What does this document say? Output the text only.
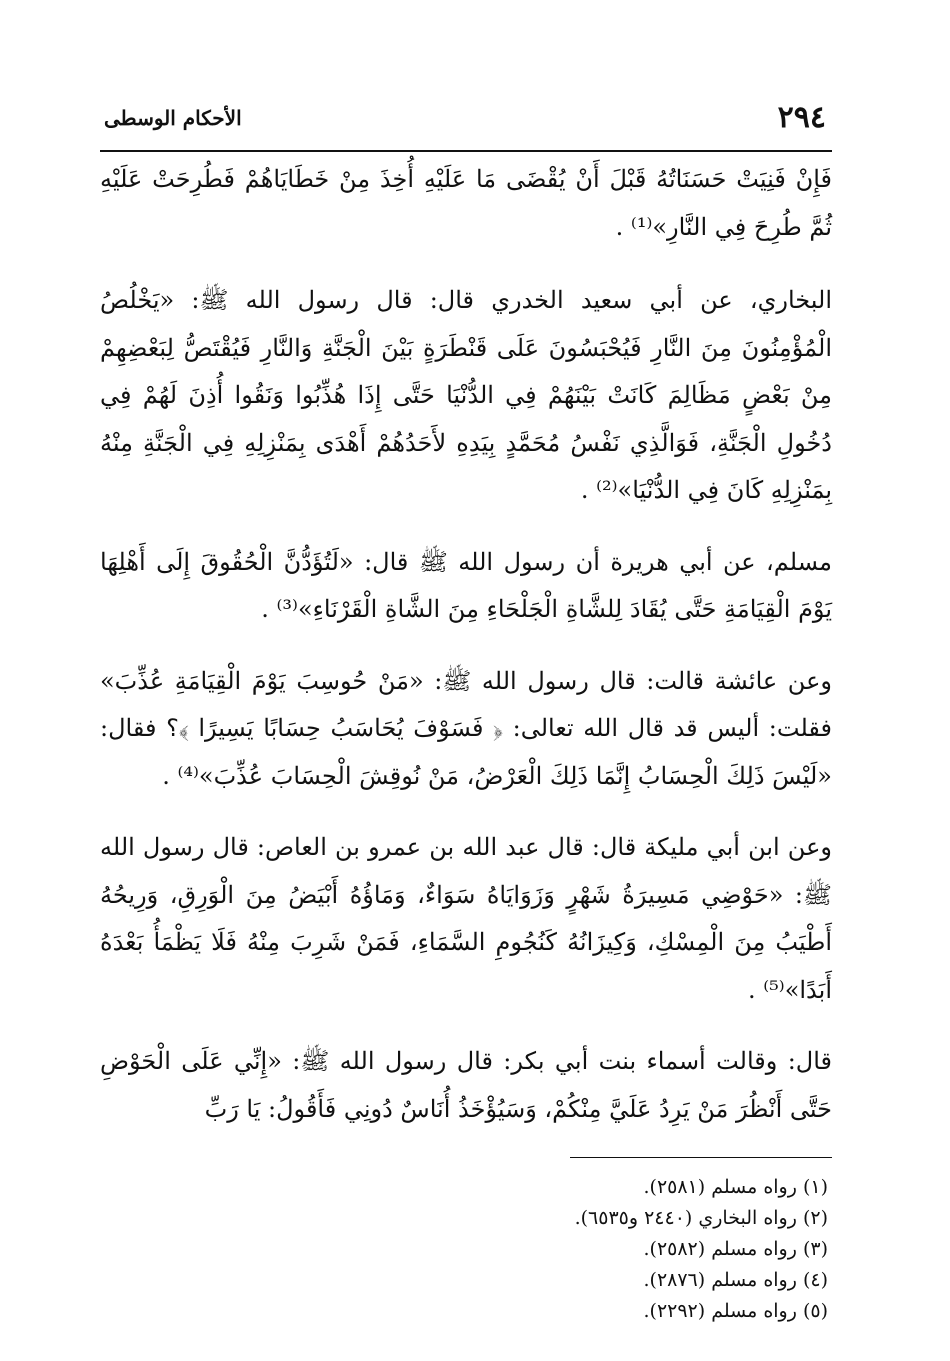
٢٩٤
الأحكام الوسطى

فَإِنْ فَنِيَتْ حَسَنَاتُهُ قَبْلَ أَنْ يُقْضَى مَا عَلَيْهِ أُخِذَ مِنْ خَطَايَاهُمْ فَطُرِحَتْ عَلَيْهِ ثُمَّ طُرِحَ فِي النَّارِ»⁽¹⁾ .

البخاري، عن أبي سعيد الخدري قال: قال رسول الله ﷺ: «يَخْلُصُ الْمُؤْمِنُونَ مِنَ النَّارِ فَيُحْبَسُونَ عَلَى قَنْطَرَةٍ بَيْنَ الْجَنَّةِ وَالنَّارِ فَيُقْتَصُّ لِبَعْضِهِمْ مِنْ بَعْضٍ مَظَالِمَ كَانَتْ بَيْنَهُمْ فِي الدُّنْيَا حَتَّى إِذَا هُذِّبُوا وَنَقُوا أُذِنَ لَهُمْ فِي دُخُولِ الْجَنَّةِ، فَوَالَّذِي نَفْسُ مُحَمَّدٍ بِيَدِهِ لأَحَدُهُمْ أَهْدَى بِمَنْزِلِهِ فِي الْجَنَّةِ مِنْهُ بِمَنْزِلِهِ كَانَ فِي الدُّنْيَا»⁽²⁾ .

مسلم، عن أبي هريرة أن رسول الله ﷺ قال: «لَتُؤَدُّنَّ الْحُقُوقَ إِلَى أَهْلِهَا يَوْمَ الْقِيَامَةِ حَتَّى يُقَادَ لِلشَّاةِ الْجَلْحَاءِ مِنَ الشَّاةِ الْقَرْنَاءِ»⁽³⁾ .

وعن عائشة قالت: قال رسول الله ﷺ: «مَنْ حُوسِبَ يَوْمَ الْقِيَامَةِ عُذِّبَ» فقلت: أليس قد قال الله تعالى: ﴿ فَسَوْفَ يُحَاسَبُ حِسَابًا يَسِيرًا ﴾؟ فقال: «لَيْسَ ذَلِكَ الْحِسَابُ إِنَّمَا ذَلِكَ الْعَرْضُ، مَنْ نُوقِشَ الْحِسَابَ عُذِّبَ»⁽⁴⁾ .

وعن ابن أبي مليكة قال: قال عبد الله بن عمرو بن العاص: قال رسول الله ﷺ: «حَوْضِي مَسِيرَةُ شَهْرٍ وَزَوَايَاهُ سَوَاءٌ، وَمَاؤُهُ أَبْيَضُ مِنَ الْوَرِقِ، وَرِيحُهُ أَطْيَبُ مِنَ الْمِسْكِ، وَكِيزَانُهُ كَنُجُومِ السَّمَاءِ، فَمَنْ شَرِبَ مِنْهُ فَلَا يَظْمَأُ بَعْدَهُ أَبَدًا»⁽⁵⁾ .

قال: وقالت أسماء بنت أبي بكر: قال رسول الله ﷺ: «إِنِّي عَلَى الْحَوْضِ حَتَّى أَنْظُرَ مَنْ يَرِدُ عَلَيَّ مِنْكُمْ، وَسَيُؤْخَذُ أُنَاسٌ دُونِي فَأَقُولُ: يَا رَبِّ

(١) رواه مسلم (٢٥٨١).

(٢) رواه البخاري (٢٤٤٠ و٦٥٣٥).

(٣) رواه مسلم (٢٥٨٢).

(٤) رواه مسلم (٢٨٧٦).

(٥) رواه مسلم (٢٢٩٢).
